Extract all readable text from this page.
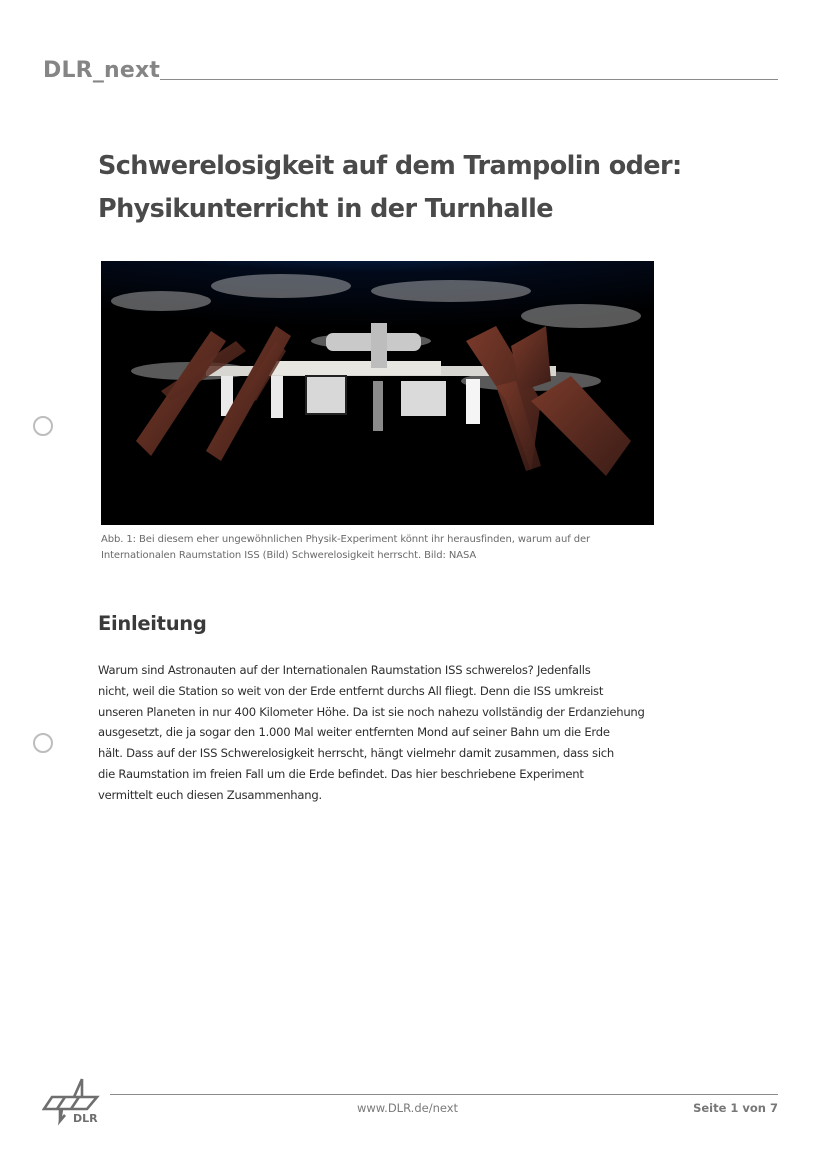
DLR_next
Schwerelosigkeit auf dem Trampolin oder:
Physikunterricht in der Turnhalle
Abb. 1: Bei diesem eher ungewöhnlichen Physik-Experiment könnt ihr herausfinden, warum auf der
Internationalen Raumstation ISS (Bild) Schwerelosigkeit herrscht. Bild: NASA
Einleitung
Warum sind Astronauten auf der Internationalen Raumstation ISS schwerelos? Jedenfalls
nicht, weil die Station so weit von der Erde entfernt durchs All fliegt. Denn die ISS umkreist
unseren Planeten in nur 400 Kilometer Höhe. Da ist sie noch nahezu vollständig der Erdanziehung
ausgesetzt, die ja sogar den 1.000 Mal weiter entfernten Mond auf seiner Bahn um die Erde
hält. Dass auf der ISS Schwerelosigkeit herrscht, hängt vielmehr damit zusammen, dass sich
die Raumstation im freien Fall um die Erde befindet. Das hier beschriebene Experiment
vermittelt euch diesen Zusammenhang.
DLR
www.DLR.de/next	Seite 1 von 7
